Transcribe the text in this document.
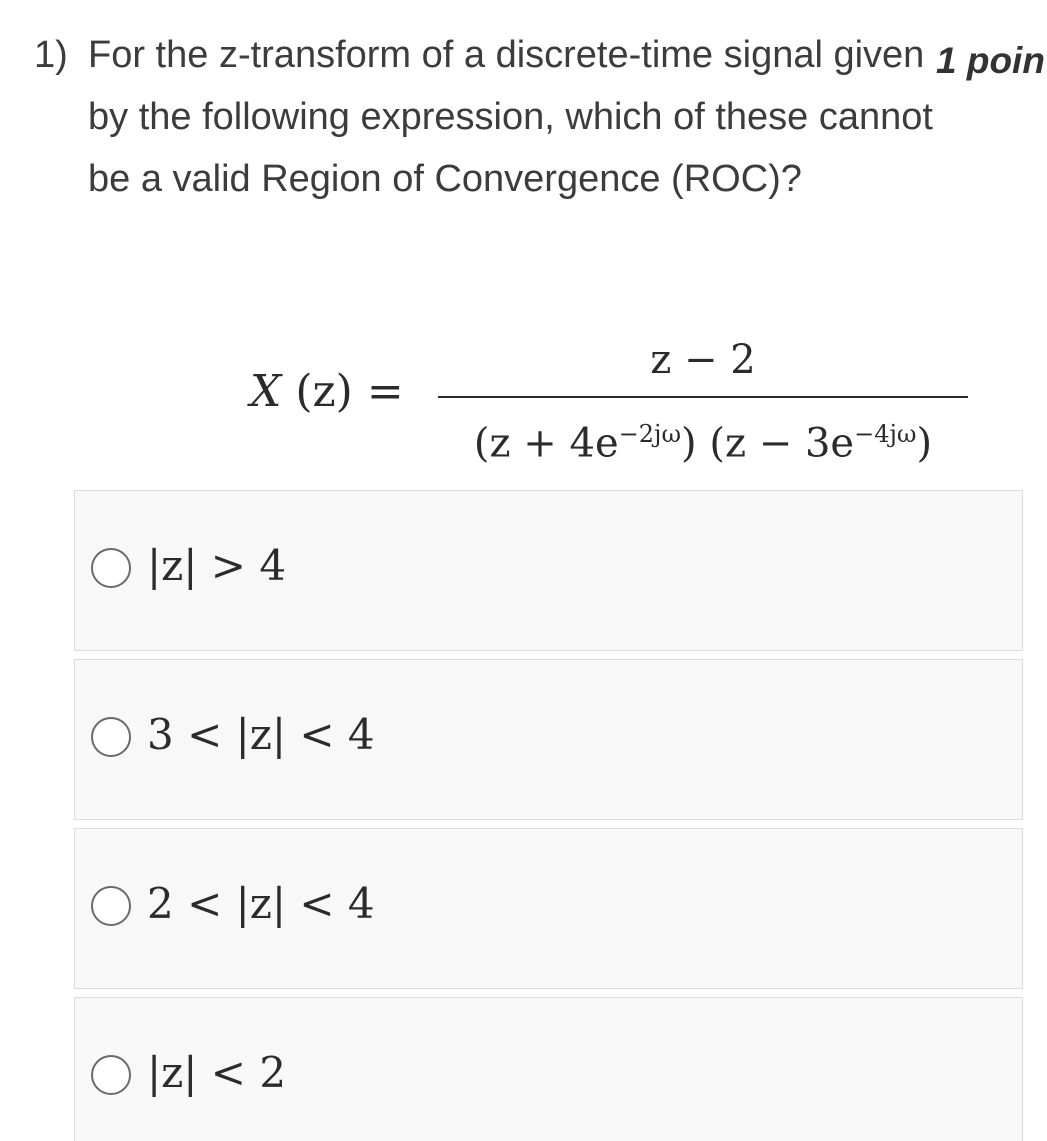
1) For the z-transform of a discrete-time signal given by the following expression, which of these cannot be a valid Region of Convergence (ROC)?
1 poin
X (z) =
z − 2
$(z + 4e^{-2j\omega})$ $(z - 3e^{-4j\omega})$
|z| > 4
3 < |z| < 4
2 < |z| < 4
|z| < 2
